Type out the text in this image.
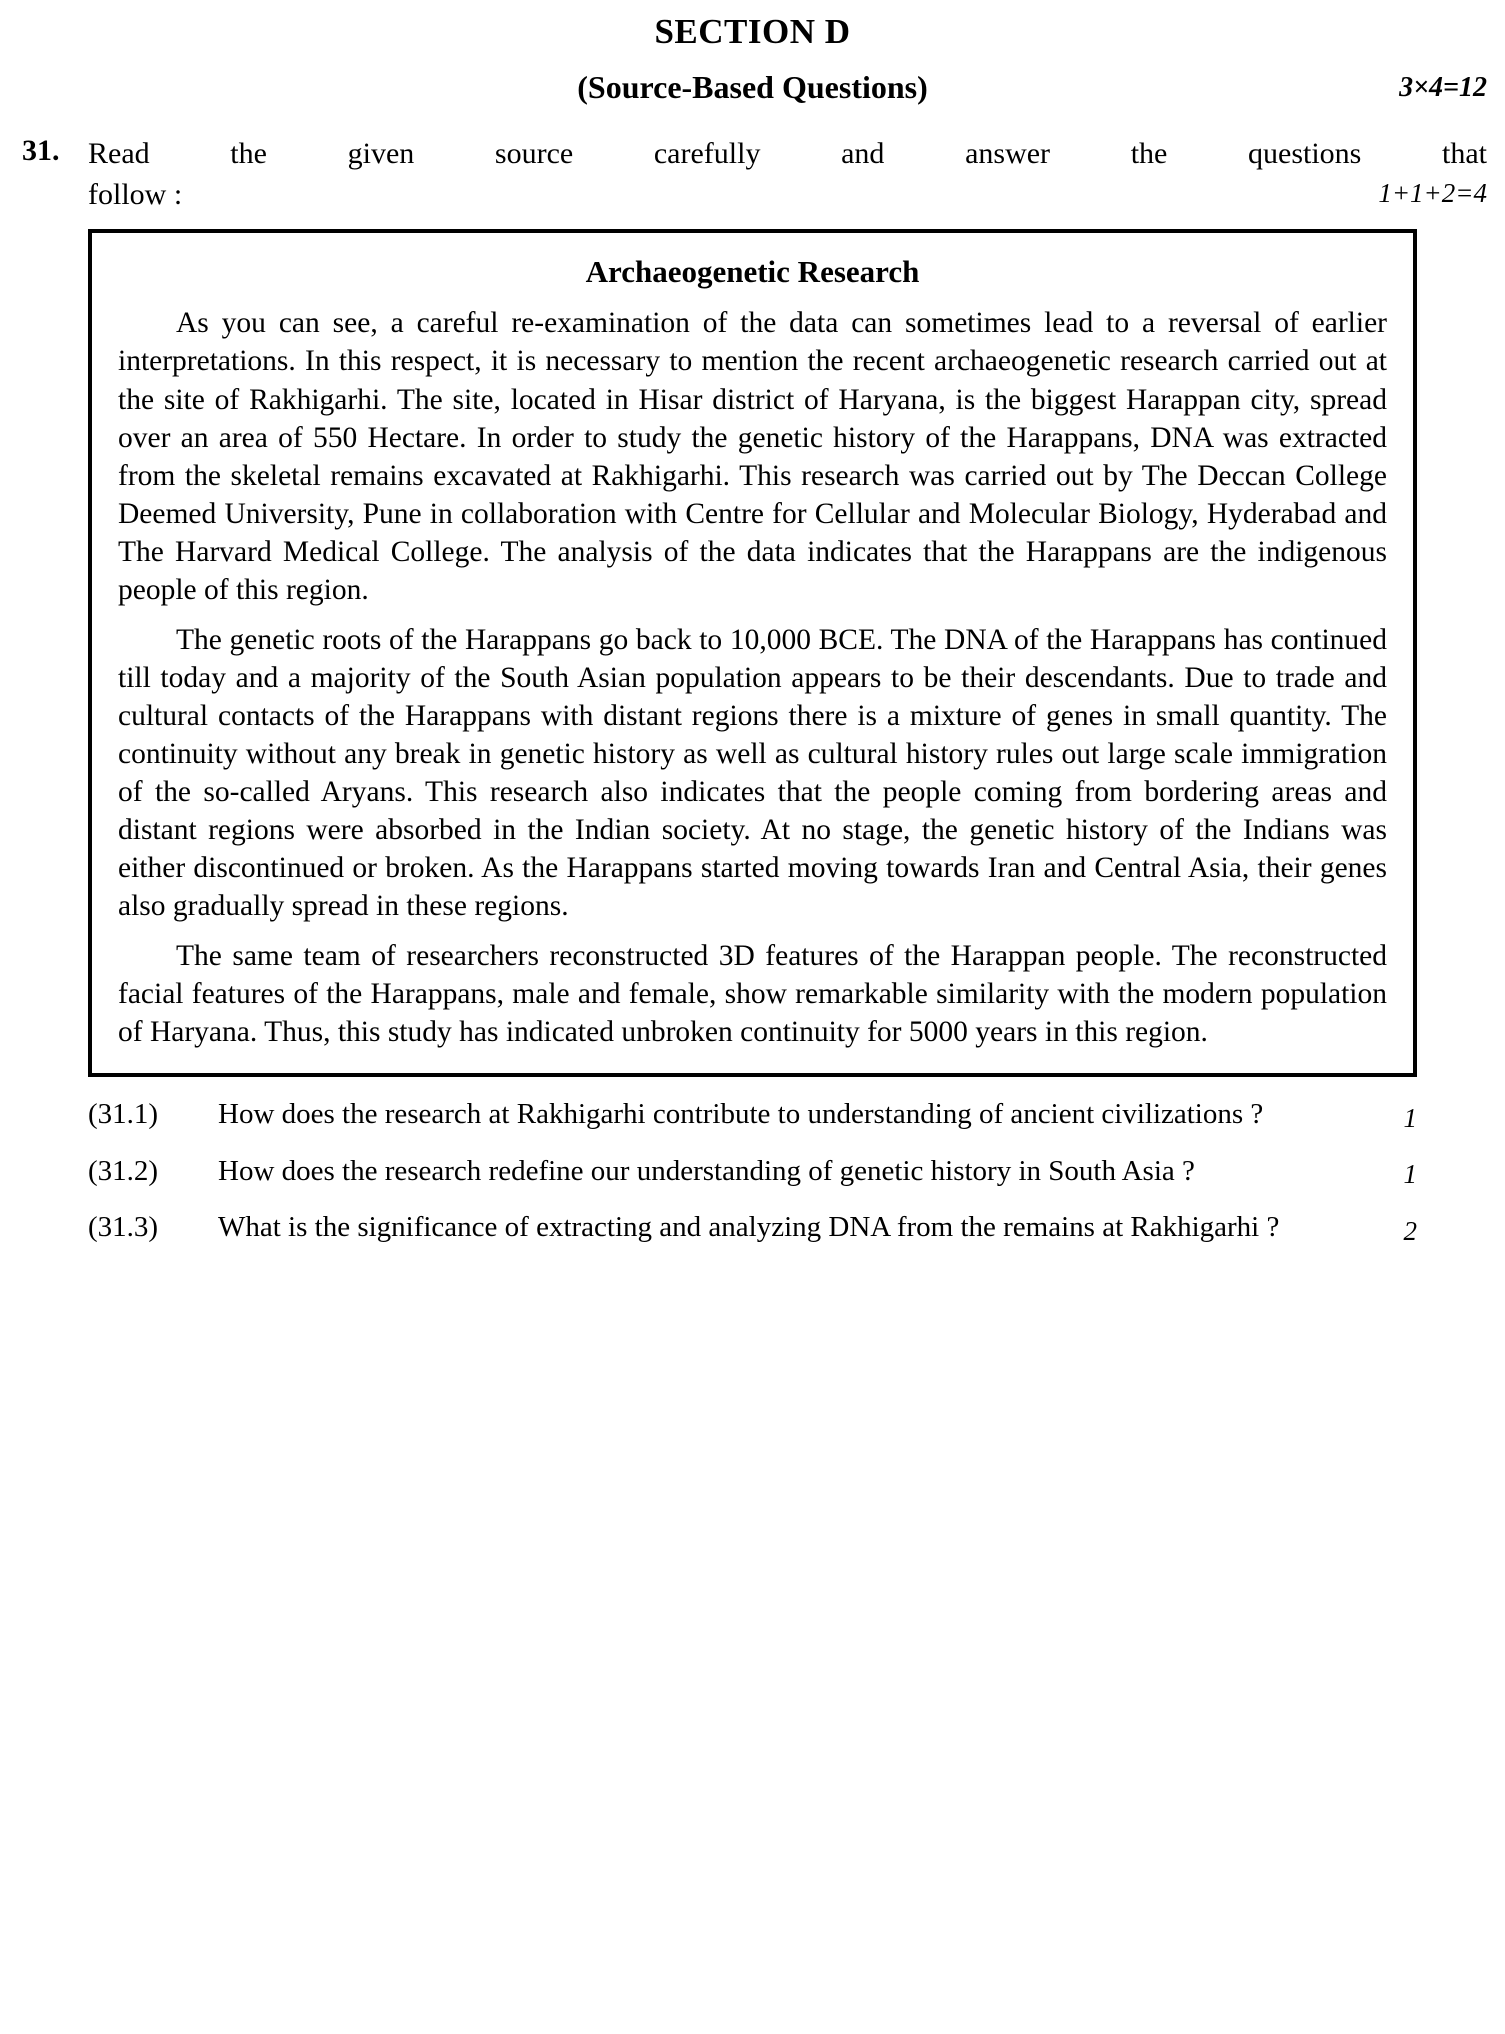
SECTION D
(Source-Based Questions)	3×4=12
31. Read the given source carefully and answer the questions that
follow :	1+1+2=4
Archaeogenetic Research

As you can see, a careful re-examination of the data can sometimes lead to a reversal of earlier interpretations. In this respect, it is necessary to mention the recent archaeogenetic research carried out at the site of Rakhigarhi. The site, located in Hisar district of Haryana, is the biggest Harappan city, spread over an area of 550 Hectare. In order to study the genetic history of the Harappans, DNA was extracted from the skeletal remains excavated at Rakhigarhi. This research was carried out by The Deccan College Deemed University, Pune in collaboration with Centre for Cellular and Molecular Biology, Hyderabad and The Harvard Medical College. The analysis of the data indicates that the Harappans are the indigenous people of this region.

The genetic roots of the Harappans go back to 10,000 BCE. The DNA of the Harappans has continued till today and a majority of the South Asian population appears to be their descendants. Due to trade and cultural contacts of the Harappans with distant regions there is a mixture of genes in small quantity. The continuity without any break in genetic history as well as cultural history rules out large scale immigration of the so-called Aryans. This research also indicates that the people coming from bordering areas and distant regions were absorbed in the Indian society. At no stage, the genetic history of the Indians was either discontinued or broken. As the Harappans started moving towards Iran and Central Asia, their genes also gradually spread in these regions.

The same team of researchers reconstructed 3D features of the Harappan people. The reconstructed facial features of the Harappans, male and female, show remarkable similarity with the modern population of Haryana. Thus, this study has indicated unbroken continuity for 5000 years in this region.

(31.1)	How does the research at Rakhigarhi contribute to understanding of ancient civilizations ?	1
(31.2)	How does the research redefine our understanding of genetic history in South Asia ?	1
(31.3)	What is the significance of extracting and analyzing DNA from the remains at Rakhigarhi ?	2
